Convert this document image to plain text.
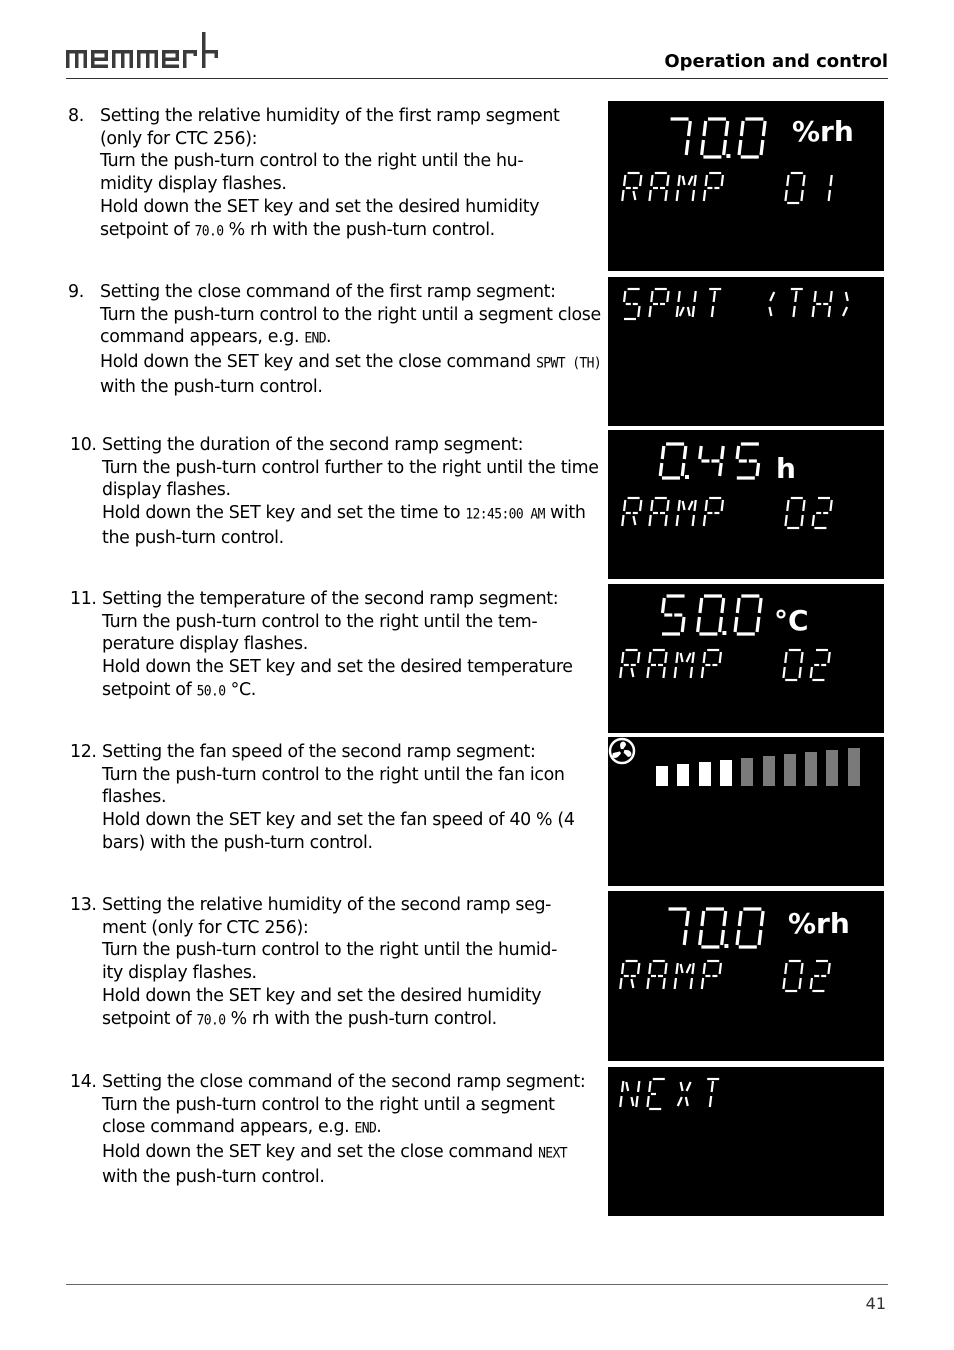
Operation and control
8. Setting the relative humidity of the first ramp segment (only for CTC 256):
Turn the push-turn control to the right until the hu-
midity display flashes.
Hold down the SET key and set the desired humidity setpoint of 70.0 % rh with the push-turn control.

9. Setting the close command of the first ramp segment:
Turn the push-turn control to the right until a segment close command appears, e.g. END.
Hold down the SET key and set the close command SPWT (TH) with the push-turn control.

10. Setting the duration of the second ramp segment:
Turn the push-turn control further to the right until the time display flashes.
Hold down the SET key and set the time to 12:45:00 AM with the push-turn control.

11. Setting the temperature of the second ramp segment:
Turn the push-turn control to the right until the tem-
perature display flashes.
Hold down the SET key and set the desired temperature setpoint of 50.0 °C.

12. Setting the fan speed of the second ramp segment:
Turn the push-turn control to the right until the fan icon flashes.
Hold down the SET key and set the fan speed of 40 % (4 bars) with the push-turn control.

13. Setting the relative humidity of the second ramp seg-
ment (only for CTC 256):
Turn the push-turn control to the right until the humid-
ity display flashes.
Hold down the SET key and set the desired humidity setpoint of 70.0 % rh with the push-turn control.

14. Setting the close command of the second ramp segment:
Turn the push-turn control to the right until a segment close command appears, e.g. END.
Hold down the SET key and set the close command NEXT with the push-turn control.

%rh
h
°C
%rh
41
